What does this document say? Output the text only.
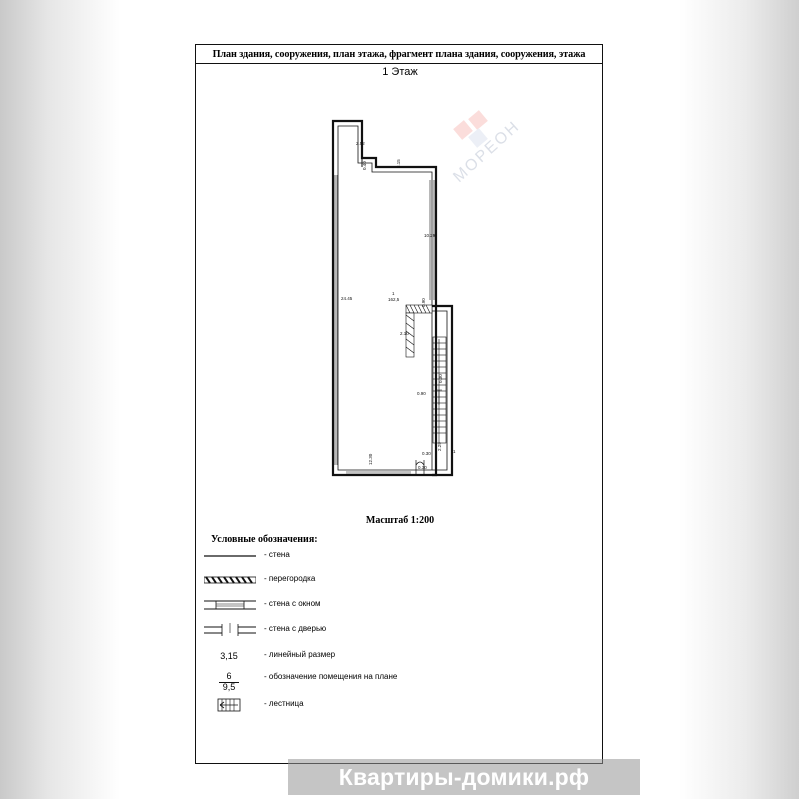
План здания, сооружения, план этажа, фрагмент плана здания, сооружения, этажа
1 Этаж
МОРЕОН
2.52
0.40	3.15
10.29
24.45
1
162,5	0.90
2.10
0.30
0.90
2.29
12.30
0.30
0.30	1
Масштаб 1:200
Условные обозначения:
- стена
- перегородка
- стена с окном
- стена с дверью
3,15	- линейный размер
6
9,5
- обозначение помещения на плане
- лестница
Квартиры-домики.рф
